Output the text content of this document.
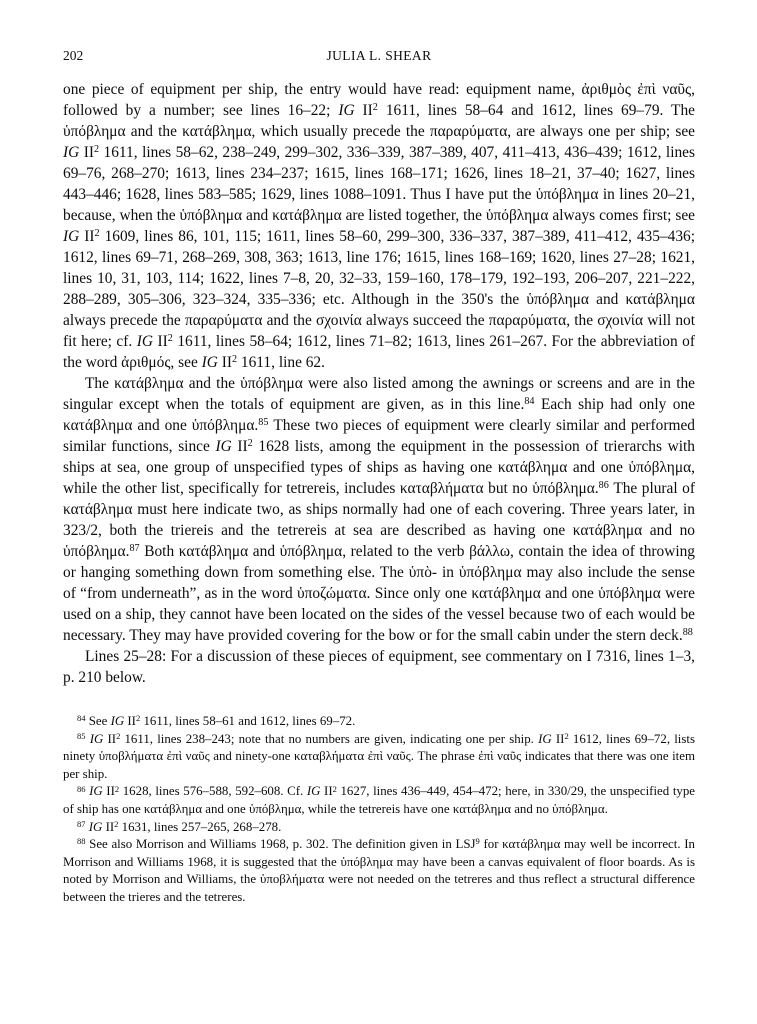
202	JULIA L. SHEAR

one piece of equipment per ship, the entry would have read: equipment name, ἀριθμὸς ἐπὶ ναῦς, followed by a number; see lines 16–22; IG $II^2$ 1611, lines 58–64 and 1612, lines 69–79. The ὑπόβλημα and the κατάβλημα, which usually precede the παραρύματα, are always one per ship; see IG $II^2$ 1611, lines 58–62, 238–249, 299–302, 336–339, 387–389, 407, 411–413, 436–439; 1612, lines 69–76, 268–270; 1613, lines 234–237; 1615, lines 168–171; 1626, lines 18–21, 37–40; 1627, lines 443–446; 1628, lines 583–585; 1629, lines 1088–1091. Thus I have put the ὑπόβλημα in lines 20–21, because, when the ὑπόβλημα and κατάβλημα are listed together, the ὑπόβλημα always comes first; see IG $II^2$ 1609, lines 86, 101, 115; 1611, lines 58–60, 299–300, 336–337, 387–389, 411–412, 435–436; 1612, lines 69–71, 268–269, 308, 363; 1613, line 176; 1615, lines 168–169; 1620, lines 27–28; 1621, lines 10, 31, 103, 114; 1622, lines 7–8, 20, 32–33, 159–160, 178–179, 192–193, 206–207, 221–222, 288–289, 305–306, 323–324, 335–336; etc. Although in the 350's the ὑπόβλημα and κατάβλημα always precede the παραρύματα and the σχοινία always succeed the παραρύματα, the σχοινία will not fit here; cf. IG $II^2$ 1611, lines 58–64; 1612, lines 71–82; 1613, lines 261–267. For the abbreviation of the word ἀριθμός, see IG $II^2$ 1611, line 62.

The κατάβλημα and the ὑπόβλημα were also listed among the awnings or screens and are in the singular except when the totals of equipment are given, as in this line.$^{84}$ Each ship had only one κατάβλημα and one ὑπόβλημα.$^{85}$ These two pieces of equipment were clearly similar and performed similar functions, since IG $II^2$ 1628 lists, among the equipment in the possession of trierarchs with ships at sea, one group of unspecified types of ships as having one κατάβλημα and one ὑπόβλημα, while the other list, specifically for tetrereis, includes καταβλήματα but no ὑπόβλημα.$^{86}$ The plural of κατάβλημα must here indicate two, as ships normally had one of each covering. Three years later, in 323/2, both the triereis and the tetrereis at sea are described as having one κατάβλημα and no ὑπόβλημα.$^{87}$ Both κατάβλημα and ὑπόβλημα, related to the verb βάλλω, contain the idea of throwing or hanging something down from something else. The ὑπὸ- in ὑπόβλημα may also include the sense of “from underneath”, as in the word ὑποζώματα. Since only one κατάβλημα and one ὑπόβλημα were used on a ship, they cannot have been located on the sides of the vessel because two of each would be necessary. They may have provided covering for the bow or for the small cabin under the stern deck.$^{88}$

Lines 25–28: For a discussion of these pieces of equipment, see commentary on I 7316, lines 1–3, p. 210 below.

$^{84}$ See IG $II^2$ 1611, lines 58–61 and 1612, lines 69–72.

$^{85}$ IG $II^2$ 1611, lines 238–243; note that no numbers are given, indicating one per ship. IG $II^2$ 1612, lines 69–72, lists ninety ὑποβλήματα ἐπὶ ναῦς and ninety-one καταβλήματα ἐπὶ ναῦς. The phrase ἐπὶ ναῦς indicates that there was one item per ship.

$^{86}$ IG $II^2$ 1628, lines 576–588, 592–608. Cf. IG $II^2$ 1627, lines 436–449, 454–472; here, in 330/29, the unspecified type of ship has one κατάβλημα and one ὑπόβλημα, while the tetrereis have one κατάβλημα and no ὑπόβλημα.

$^{87}$ IG $II^2$ 1631, lines 257–265, 268–278.

$^{88}$ See also Morrison and Williams 1968, p. 302. The definition given in LSJ$^9$ for κατάβλημα may well be incorrect. In Morrison and Williams 1968, it is suggested that the ὑπόβλημα may have been a canvas equivalent of floor boards. As is noted by Morrison and Williams, the ὑποβλήματα were not needed on the tetreres and thus reflect a structural difference between the trieres and the tetreres.
